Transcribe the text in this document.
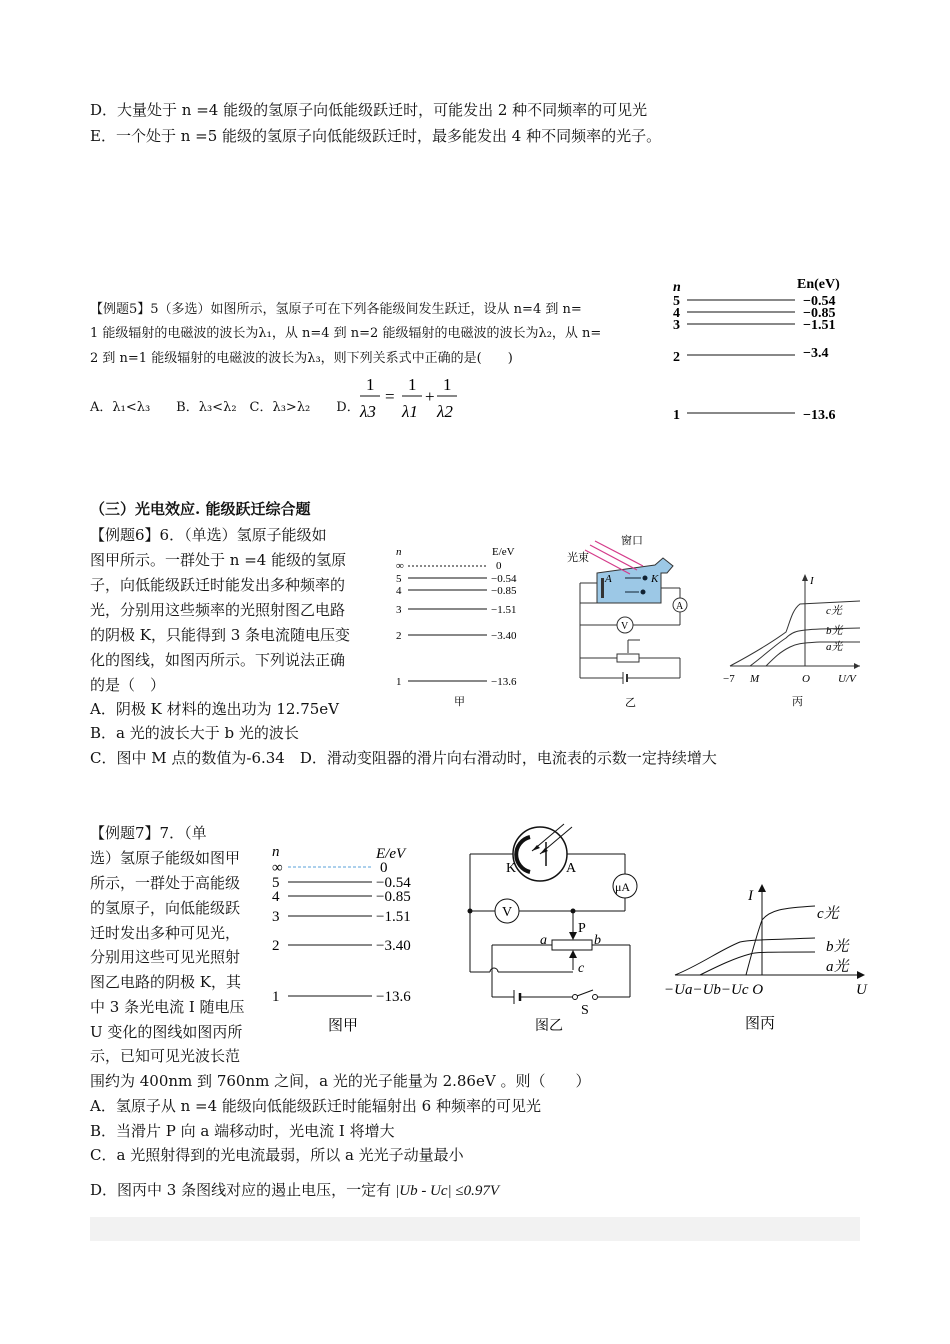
D．大量处于 n =4 能级的氢原子向低能级跃迁时，可能发出 2 种不同频率的可见光
E．一个处于 n =5 能级的氢原子向低能级跃迁时，最多能发出 4 种不同频率的光子。
【例题5】5（多选）如图所示，氢原子可在下列各能级间发生跃迁，设从 n=4 到 n=
1 能级辐射的电磁波的波长为λ₁，从 n=4 到 n=2 能级辐射的电磁波的波长为λ₂，从 n=
2 到 n=1 能级辐射的电磁波的波长为λ₃，则下列关系式中正确的是(　　)
A．λ₁<λ₃　　B．λ₃<λ₂　C．λ₃>λ₂　　D．
1
λ3
=
1
λ1
+
1
λ2
n	En(eV)
5	−0.54
4	−0.85
3	−1.51
2	−3.4
1	−13.6
（三）光电效应. 能级跃迁综合题
【例题6】6．（单选）氢原子能级如
图甲所示。一群处于 n =4 能级的氢原
子，向低能级跃迁时能发出多种频率的
光，分别用这些频率的光照射图乙电路
的阴极 K，只能得到 3 条电流随电压变
化的图线，如图丙所示。下列说法正确
的是（　）
A．阴极 K 材料的逸出功为 12.75eV
B．a 光的波长大于 b 光的波长
C．图中 M 点的数值为-6.34　D．滑动变阻器的滑片向右滑动时，电流表的示数一定持续增大
n	E/eV
∞	0
5	−0.54
4	−0.85
3	−1.51
2	−3.40
1	−13.6
甲
窗口
光束
A	K
A
V
乙
I
c光
b光
a光
−7 M	O	U/V
丙
【例题7】7．（单
选）氢原子能级如图甲
所示，一群处于高能级
的氢原子，向低能级跃
迁时发出多种可见光，
分别用这些可见光照射
图乙电路的阴极 K，其
中 3 条光电流 I 随电压
U 变化的图线如图丙所
示，已知可见光波长范
围约为 400nm 到 760nm 之间，a 光的光子能量为 2.86eV 。则（　　）
A．氢原子从 n =4 能级向低能级跃迁时能辐射出 6 种频率的可见光
B．当滑片 P 向 a 端移动时，光电流 I 将增大
C．a 光照射得到的光电流最弱，所以 a 光光子动量最小
D．图丙中 3 条图线对应的遏止电压，一定有 |Ub - Uc| ≤0.97V
n	E/eV
∞	0
5	−0.54
4	−0.85
3	−1.51
2	−3.40
1	−13.6
图甲
K	A
μA
V
P
a	b
c
S
图乙
I
c光
b光
a光
−Ua−Ub−Uc O	U
图丙
